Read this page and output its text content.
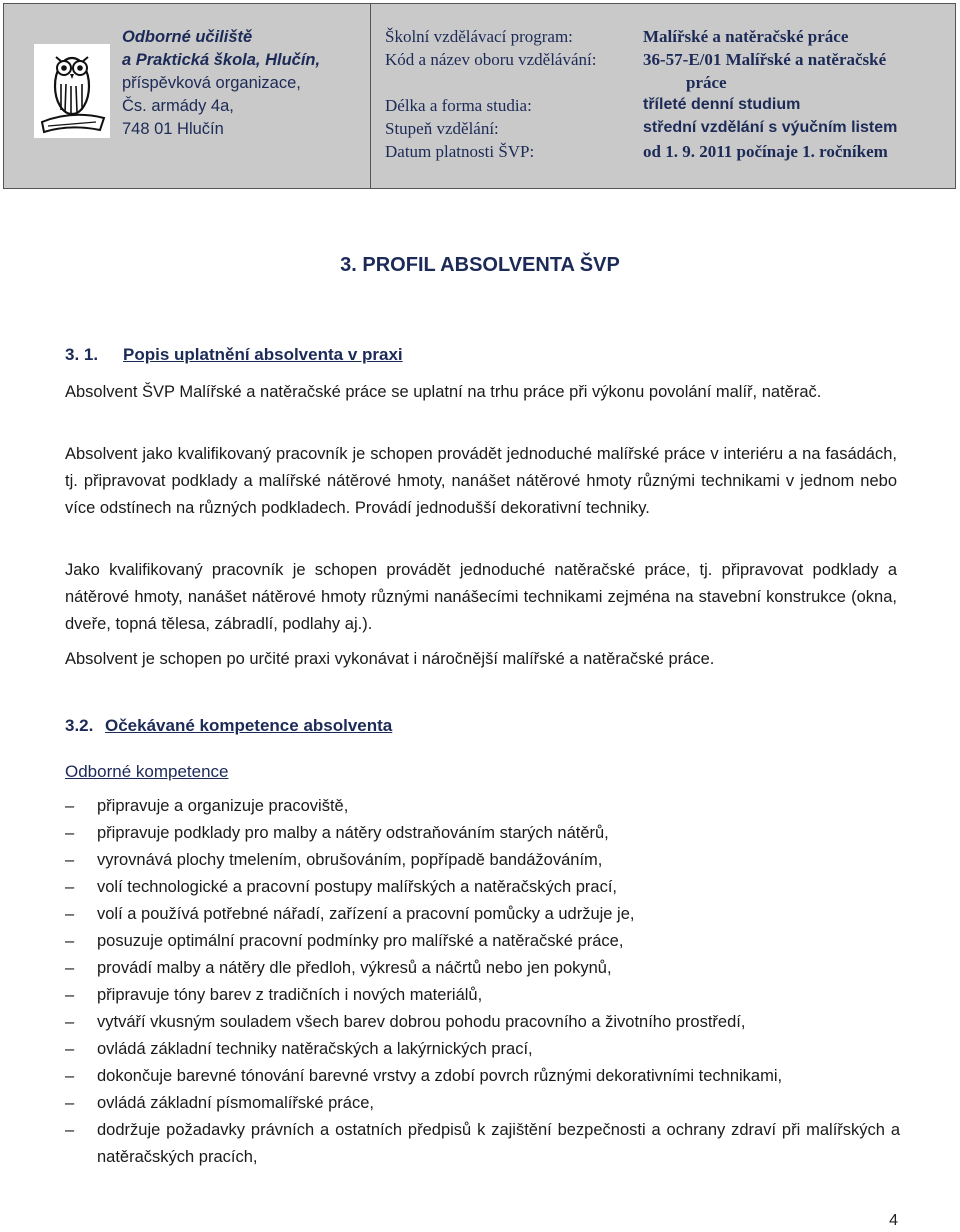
Odborné učiliště
a Praktická škola, Hlučín,
příspěvková organizace,
Čs. armády 4a,
748 01 Hlučín
Školní vzdělávací program:	Malířské a natěračské práce
Kód a název oboru vzdělávání:	36-57-E/01 Malířské a natěračské
práce
Délka a forma studia:	tříleté denní studium
Stupeň vzdělání:	střední vzdělání s výučním listem
Datum platnosti ŠVP:	od 1. 9. 2011 počínaje 1. ročníkem
3. PROFIL ABSOLVENTA ŠVP
3. 1. Popis uplatnění absolventa v praxi
Absolvent ŠVP Malířské a natěračské práce se uplatní na trhu práce při výkonu povolání malíř, natěrač.
Absolvent jako kvalifikovaný pracovník je schopen provádět jednoduché malířské práce v interiéru a na fasádách, tj. připravovat podklady a malířské nátěrové hmoty, nanášet nátěrové hmoty různými technikami v jednom nebo více odstínech na různých podkladech. Provádí jednodušší dekorativní techniky.
Jako kvalifikovaný pracovník je schopen provádět jednoduché natěračské práce, tj. připravovat podklady a nátěrové hmoty, nanášet nátěrové hmoty různými nanášecími technikami zejména na stavební konstrukce (okna, dveře, topná tělesa, zábradlí, podlahy aj.).
Absolvent je schopen po určité praxi vykonávat i náročnější malířské a natěračské práce.
3.2. Očekávané kompetence absolventa
Odborné kompetence
– připravuje a organizuje pracoviště,
– připravuje podklady pro malby a nátěry odstraňováním starých nátěrů,
– vyrovnává plochy tmelením, obrušováním, popřípadě bandážováním,
– volí technologické a pracovní postupy malířských a natěračských prací,
– volí a používá potřebné nářadí, zařízení a pracovní pomůcky a udržuje je,
– posuzuje optimální pracovní podmínky pro malířské a natěračské práce,
– provádí malby a nátěry dle předloh, výkresů a náčrtů nebo jen pokynů,
– připravuje tóny barev z tradičních i nových materiálů,
– vytváří vkusným souladem všech barev dobrou pohodu pracovního a životního prostředí,
– ovládá základní techniky natěračských a lakýrnických prací,
– dokončuje barevné tónování barevné vrstvy a zdobí povrch různými dekorativními technikami,
– ovládá základní písmomalířské práce,
– dodržuje požadavky právních a ostatních předpisů k zajištění bezpečnosti a ochrany zdraví při malířských a natěračských pracích,
4
